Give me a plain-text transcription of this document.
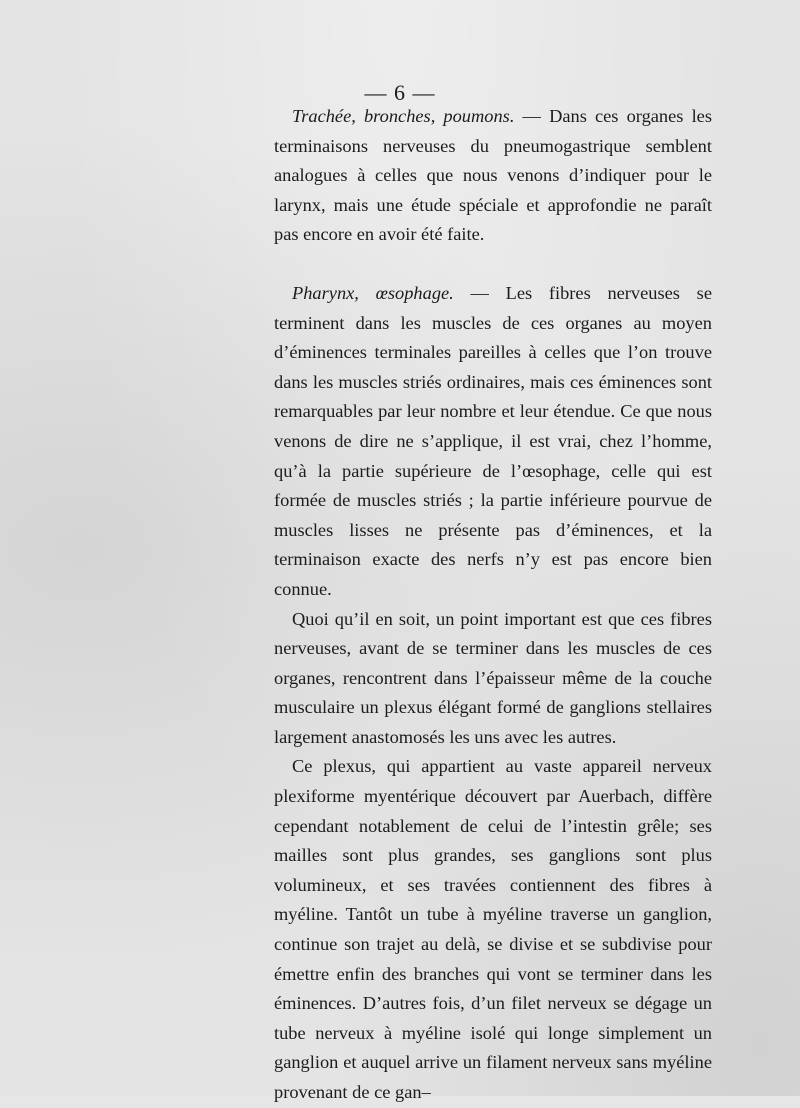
— 6 —

Trachée, bronches, poumons. — Dans ces organes les terminaisons nerveuses du pneumogastrique semblent analogues à celles que nous venons d’indiquer pour le larynx, mais une étude spéciale et approfondie ne paraît pas encore en avoir été faite.

Pharynx, œsophage. — Les fibres nerveuses se terminent dans les muscles de ces organes au moyen d’éminences terminales pareilles à celles que l’on trouve dans les muscles striés ordinaires, mais ces éminences sont remarquables par leur nombre et leur étendue. Ce que nous venons de dire ne s’applique, il est vrai, chez l’homme, qu’à la partie supérieure de l’œsophage, celle qui est formée de muscles striés ; la partie inférieure pourvue de muscles lisses ne présente pas d’éminences, et la terminaison exacte des nerfs n’y est pas encore bien connue.

Quoi qu’il en soit, un point important est que ces fibres nerveuses, avant de se terminer dans les muscles de ces organes, rencontrent dans l’épaisseur même de la couche musculaire un plexus élégant formé de ganglions stellaires largement anastomosés les uns avec les autres.

Ce plexus, qui appartient au vaste appareil nerveux plexiforme myentérique découvert par Auerbach, diffère cependant notablement de celui de l’intestin grêle; ses mailles sont plus grandes, ses ganglions sont plus volumineux, et ses travées contiennent des fibres à myéline. Tantôt un tube à myéline traverse un ganglion, continue son trajet au delà, se divise et se subdivise pour émettre enfin des branches qui vont se terminer dans les éminences. D’autres fois, d’un filet nerveux se dégage un tube nerveux à myéline isolé qui longe simplement un ganglion et auquel arrive un filament nerveux sans myéline provenant de ce gan–
